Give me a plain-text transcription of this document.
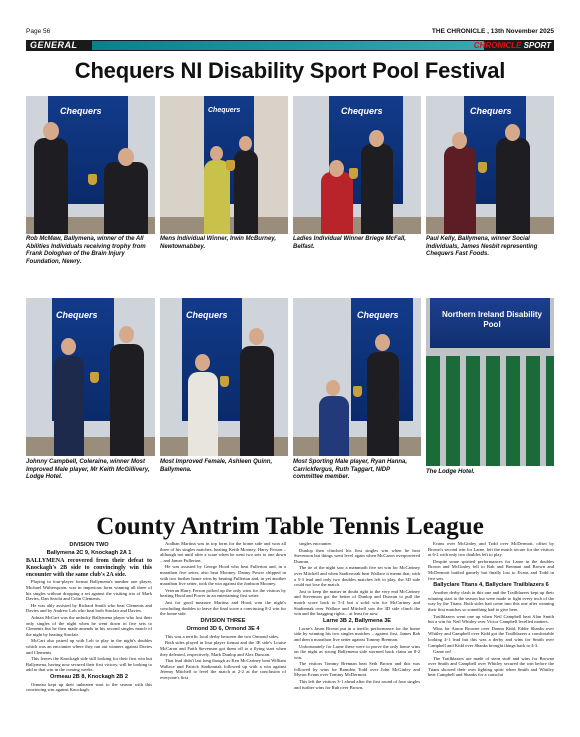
Page 56	THE CHRONICLE , 13th November 2025
GENERAL	CHRONICLE SPORT
Chequers NI Disability Sport Pool Festival
Chequers	Chequers	Chequers	Chequers
Rob McMaw, Ballymena, winner of the All Abilities Individuals receiving trophy from Frank Dologhan of the Brain Injury Foundation, Newry.
Mens Individual Winner, Irwin McBurney, Newtownabbey.
Ladies Individual Winner Briege McFall, Belfast.
Paul Kelly, Ballymena, winner Social Individuals, James Nesbit representing Chequers Fast Foods.
Chequers	Chequers	Chequers	Northern Ireland Disability Pool
Johnny Campbell, Coleraine, winner Most Improved Male player, Mr Keith McGillivery, Lodge Hotel.
Most Improved Female, Ashleen Quinn, Ballymena.
Most Sporting Male player, Ryan Hanna, Carrickfergus, Ruth Taggart, NIDP committee member.
The Lodge Hotel.
County Antrim Table Tennis League
DIVISION TWO
Ballymena 2C 9, Knockagh 2A 1

BALLYMENA recovered from their defeat to Knockagh's 2B side to convincingly win this encounter with the same club's 2A side.

Playing in four-player format Ballymena's number one player, Michael Witherspoon, was in imperious form winning all three of his singles without dropping a set against the visiting trio of Mark Davies, Dan Seacht and Colin Clements.

He was ably assisted by Richard Smith who beat Clements and Davies and by Andrew Loh who beat both Sinclair and Davies.

Adrian McCart was the unlucky Ballymena player who lost their only singles of the night when he went down in five sets to Clements but he then made amends in his second singles match of the night by beating Sinclair.

McCart also paired up with Loh to play in the night's doubles which was an encounter where they ran out winners against Davies and Clements.

This leaves the Knockagh side still looking for their first win but Ballymena, having now secured their first victory, will be looking to add to that win in the coming weeks.

Ormeau 2B 8, Knockagh 2B 2

Ormeau kept up their unbeaten start to the season with this convincing win against Knockagh.

Aodhan Martina was in top form for the home side and won all three of his singles matches, beating Keith Mooney, Harry Ferson – although not until after a scare when he went two sets to one down – and James Fullerton.

He was assisted by George Hood who beat Fullerton and, in a marathon five setter, also beat Mooney. Danny Power chipped in with two further home wins by beating Fullerton and, in yet another marathon five setter, took the win against the Jonhson Mooney.

Veteran Harry Ferson picked up the only wins for the visitors by beating Hood and Power in an entertaining first setter.

Just for good measure Martina and Hood won the night's concluding doubles to leave the final score a convincing 8-2 win for the home side.

DIVISION THREE
Ormond 3D 6, Ormond 3E 4

This was a terrific local derby between the two Ormond sides.

Both sides played in four player format and the 3E side's Louise McCaron and Faith Stevenson got them off to a flying start when they defeated, respectively, Mark Dunlop and Alex Duncan.

That lead didn't last long though as Ken McCartney beat William Wallace and Patrick Stadiemiak followed up with a win against Jeremy Mitchell to level the match at 2-2 at the conclusion of everyone's first

singles encounter.

Dunlop then clinched his first singles win when he beat Stevenson but things went level again when McCaron overpowered Duncan.

The tie of the night saw a mammoth five set win for McCartney over Mitchell and when Stadierczak beat Wallace it meant that, with a 5-3 lead and only two doubles matches left to play, the 3D side could not lose the match.

Just to keep the matter in doubt right to the very end McCartney and Stevenson got the better of Dunlop and Duncan to pull the match score back to 5-4 but a solid win for McCartney and Stadiernak over Wallace and Mitchell saw the 3D side clinch the win and the bragging rights – at least for now.

Larne 3B 2, Ballymena 3E

Lorne's Jason Brown put in a terrific performance for the home side by winning his two singles matches – against first, James Rab and then a marathon five setter against Tommy Brennan.

Unfortunately for Larne these were to prove the only home wins on the night as strong Ballymena side stormed back claim an 8-2 win.

The visitors Tommy Brennan beat Seth Brown and this was followed by wins for Brandon Todd over John McGinley and Myron Evans over Tommy McDermott.

This left the visitors 3-1 ahead after the first round of four singles and further wins for Rab over Brown,

Evans over McGinley and Todd over McDermott, offset by Brown's second win for Larne, left the match secure for the visitors at 6-2 with only two doubles left to play.

Despite some spirited performances for Larne in the doubles Brown and McGinley fell to Rab and Brennan and Brown and McDermott battled gamely but finally lost to Evans and Todd in five sets.

Ballyclare Titans 4, Ballyclare Trailblazers 6

Another derby clash in this one and the Trailblazers kept up their winning start to the season but were made to fight every inch of the way by the Titans. Both sides had come into this one after winning their first matches so something had to give here.

Trailblazers went one up when Neil Campbell beat Alan Smith but a win for Neil Whitley over Victor Campbell levelled matters.

Wins for Aaron Browne over Donna Kidd, Eddie Shanks over Whitley and Campbell over Kidd got the Trailblazers a comfortable looking 4-1 lead but this was a derby and wins for Smith over Campbell and Kidd over Shanks brought things back to 4-3.

Game on!

The Trailblazers are made of stern stuff and wins for Browne over Smith and Campbell over Whitley secured the win before the Titans showed their own fighting spirit when Smith and Whitley beat Campbell and Shanks for a consolat
